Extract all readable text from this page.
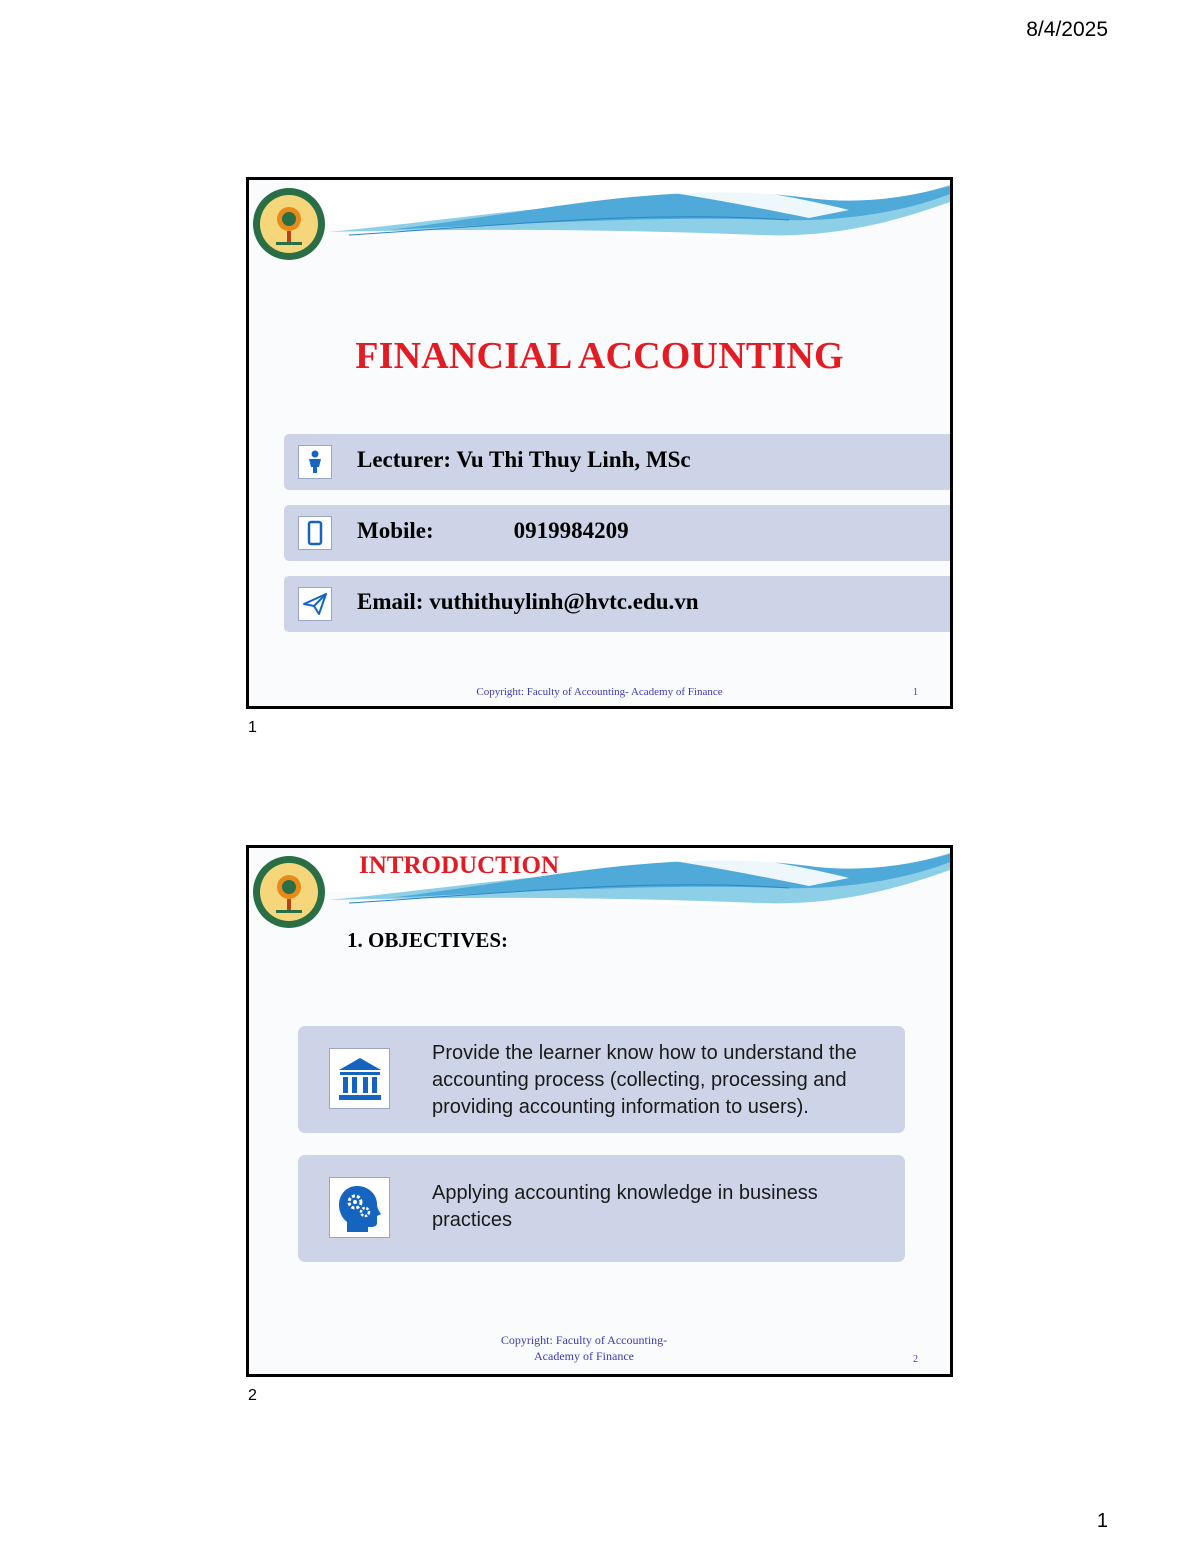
8/4/2025
FINANCIAL ACCOUNTING
Lecturer: Vu Thi Thuy Linh, MSc
Mobile:	0919984209
Email: vuthithuylinh@hvtc.edu.vn
Copyright: Faculty of Accounting- Academy of Finance	1
1
INTRODUCTION
1. OBJECTIVES:
Provide the learner know how to understand the accounting process (collecting, processing and providing accounting information to users).
Applying accounting knowledge in business practices
Copyright: Faculty of Accounting-
Academy of Finance	2
2
1
